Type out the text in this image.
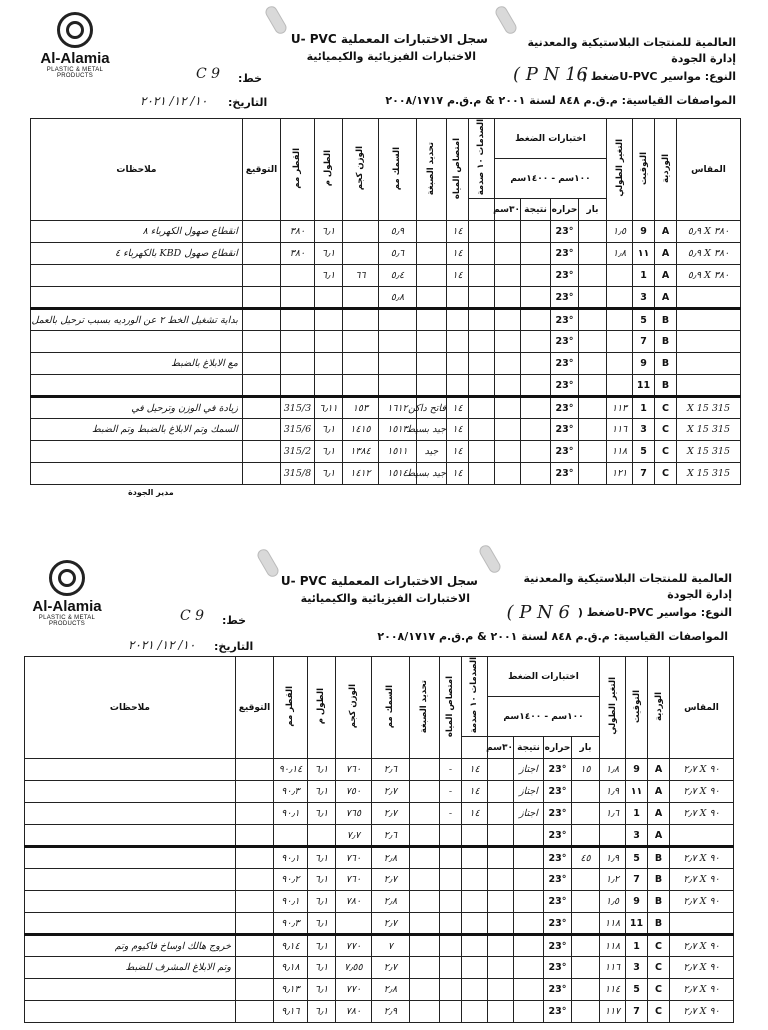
Al-Alamia
PLASTIC & METAL PRODUCTS
العالمية للمنتجات البلاستيكية والمعدنية
إدارة الجودة
سجل الاختبارات المعملية U- PVC
الاختبارات الفيزيائية والكيميائية
النوع: مواسير U-PVCضغط (
( P N 16
خط:
C 9
المواصفات القياسية: م.ق.م ٨٤٨ لسنة ٢٠٠١ & م.ق.م ٢٠٠٨/١٧١٧
التاريخ:
١٠/ ١٢/ ٢٠٢١
المقاس	الوردية	التوقيت	التغير الطولي	اختبارات الضغط				الصدمات ١٠ صدمة	امتصاص المياه	تحديد الصبغة	السمك مم	الوزن كجم	الطول م	القطر مم	التوقيع	ملاحظات
				١٠٠سم - ١٤٠٠سم												
				بار	حراره	نتيجة	٣٠سم									
٣٨٠ X ٥٫٩	A	9	١٫٥		23°				١٤		٥٫٩		٦٫١	٣٨٠		انقطاع صهول الكهرباء ٨
٣٨٠ X ٥٫٩	A	١١	١٫٨		23°				١٤		٥٫٦		٦٫١	٣٨٠		انقطاع صهول KBD بالكهرباء ٤
٣٨٠ X ٥٫٩	A	1			23°				١٤		٥٫٤	٦٦	٦٫١			
	A	3			23°						٥٫٨					
	B	5			23°											بداية تشغيل الخط ٢ عن الورديه بسبب ترحيل بالعمل
	B	7			23°											
	B	9			23°											مع الابلاغ بالضبط
	B	11			23°											
315 X 15	C	1	١١٣		23°				١٤	فاتح داكن	١٦١٢	١٥٣	٦٫١١	315/3		زيادة في الوزن وترحيل في
315 X 15	C	3	١١٦		23°				١٤	جيد بسيط	١٥١٣	١٤١٥	٦٫١	315/6		السمك وتم الابلاغ بالضبط وتم الضبط
315 X 15	C	5	١١٨		23°				١٤	جيد	١٥١١	١٣٨٤	٦٫١	315/2		
315 X 15	C	7	١٢١		23°				١٤	جيد بسيط	١٥١٤	١٤١٢	٦٫١	315/8		
مدير الجودة
Al-Alamia
PLASTIC & METAL PRODUCTS
العالمية للمنتجات البلاستيكية والمعدنية
إدارة الجودة
سجل الاختبارات المعملية U- PVC
الاختبارات الفيزيائية والكيميائية
النوع: مواسير U-PVCضغط (
( P N 6
خط:
C 9
المواصفات القياسية: م.ق.م ٨٤٨ لسنة ٢٠٠١ & م.ق.م ٢٠٠٨/١٧١٧
التاريخ:
١٠/ ١٢/ ٢٠٢١
المقاس	الوردية	التوقيت	التغير الطولي	اختبارات الضغط				الصدمات ١٠ صدمة	امتصاص المياه	تحديد الصبغة	السمك مم	الوزن كجم	الطول م	القطر مم	التوقيع	ملاحظات
				١٠٠سم - ١٤٠٠سم												
				بار	حراره	نتيجة	٣٠سم									
٩٠ X ٢٫٧	A	9	١٫٨	١٥	23°	اجتاز		١٤	-		٢٫٦	٧٦٠	٦٫١	٩٠٫١٤		
٩٠ X ٢٫٧	A	١١	١٫٩		23°	اجتاز		١٤	-		٢٫٧	٧٥٠	٦٫١	٩٠٫٣		
٩٠ X ٢٫٧	A	1	١٫٦		23°	اجتاز		١٤	-		٢٫٧	٧٦٥	٦٫١	٩٠٫١		
	A	3			23°						٢٫٦	٧٫٧				
٩٠ X ٢٫٧	B	5	١٫٩	٤٥	23°						٢٫٨	٧٦٠	٦٫١	٩٠٫١		
٩٠ X ٢٫٧	B	7	١٫٢		23°						٢٫٧	٧٦٠	٦٫١	٩٠٫٢		
٩٠ X ٢٫٧	B	9	١٫٥		23°						٢٫٨	٧٨٠	٦٫١	٩٠٫١		
	B	11	١١٨		23°						٢٫٧		٦٫١	٩٠٫٣		
٩٠ X ٢٫٧	C	1	١١٨		23°						٧	٧٧٠	٦٫١	٩٫١٤		خروج هالك اوساخ فاكيوم وتم
٩٠ X ٢٫٧	C	3	١١٦		23°						٢٫٧	٧٫٥٥	٦٫١	٩٫١٨		وتم الابلاغ المشرف للضبط
٩٠ X ٢٫٧	C	5	١١٤		23°						٢٫٨	٧٧٠	٦٫١	٩٫١٣		
٩٠ X ٢٫٧	C	7	١١٧		23°						٢٫٩	٧٨٠	٦٫١	٩٫١٦		
